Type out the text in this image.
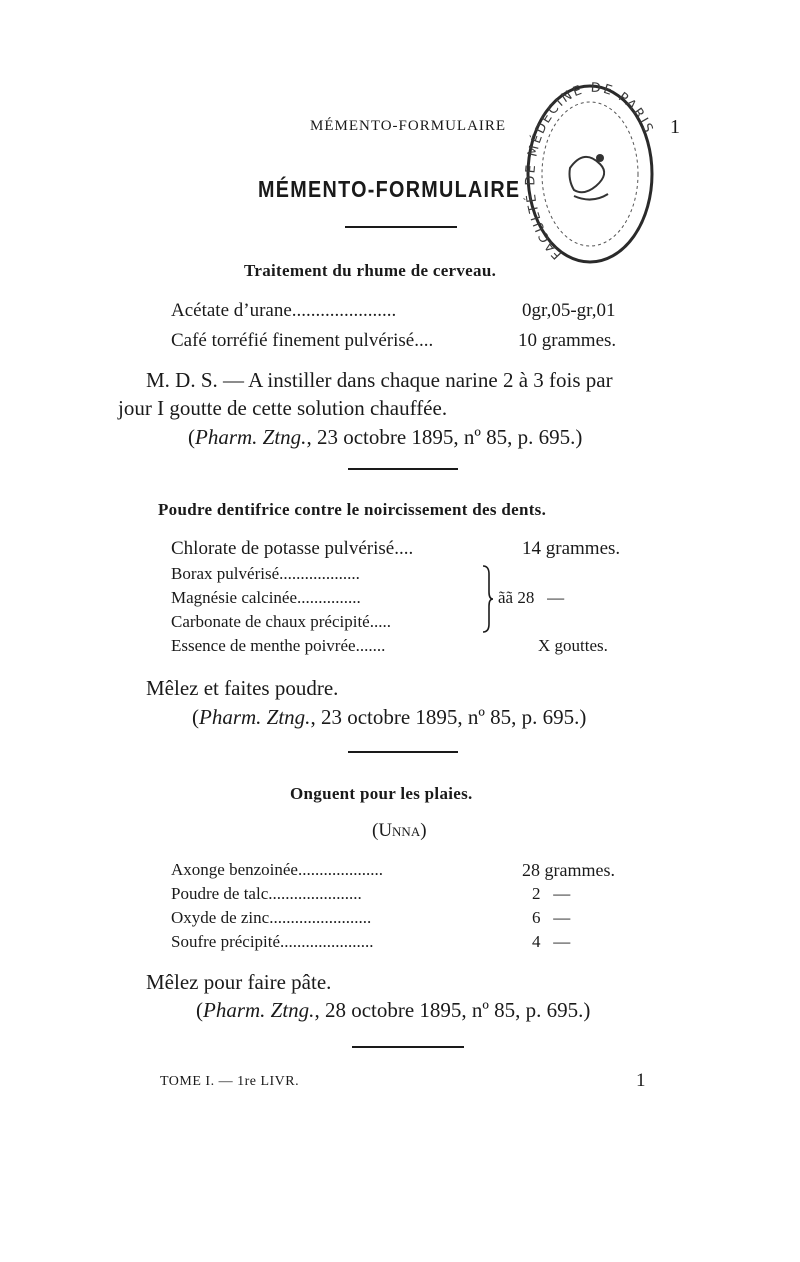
MÉMENTO-FORMULAIRE	1
MÉMENTO-FORMULAIRE
FACULTÉ DE MÉDECINE DE PARIS
Traitement du rhume de cerveau.
Acétate d’urane......................	0gr,05-gr,01
Café torréfié finement pulvérisé....	10 grammes.
M. D. S. — A instiller dans chaque narine 2 à 3 fois par
jour I goutte de cette solution chauffée.
(Pharm. Ztng., 23 octobre 1895, nº 85, p. 695.)
Poudre dentifrice contre le noircissement des dents.
Chlorate de potasse pulvérisé....	14 grammes.
Borax pulvérisé...................
Magnésie calcinée...............
Carbonate de chaux précipité.....
ãã 28   —
Essence de menthe poivrée.......	X gouttes.
Mêlez et faites poudre.
(Pharm. Ztng., 23 octobre 1895, nº 85, p. 695.)
Onguent pour les plaies.
(Unna)
Axonge benzoinée....................	28 grammes.
Poudre de talc......................	2   —
Oxyde de zinc........................	6   —
Soufre précipité......................	4   —
Mêlez pour faire pâte.
(Pharm. Ztng., 28 octobre 1895, nº 85, p. 695.)
TOME I. — 1re LIVR.	1
